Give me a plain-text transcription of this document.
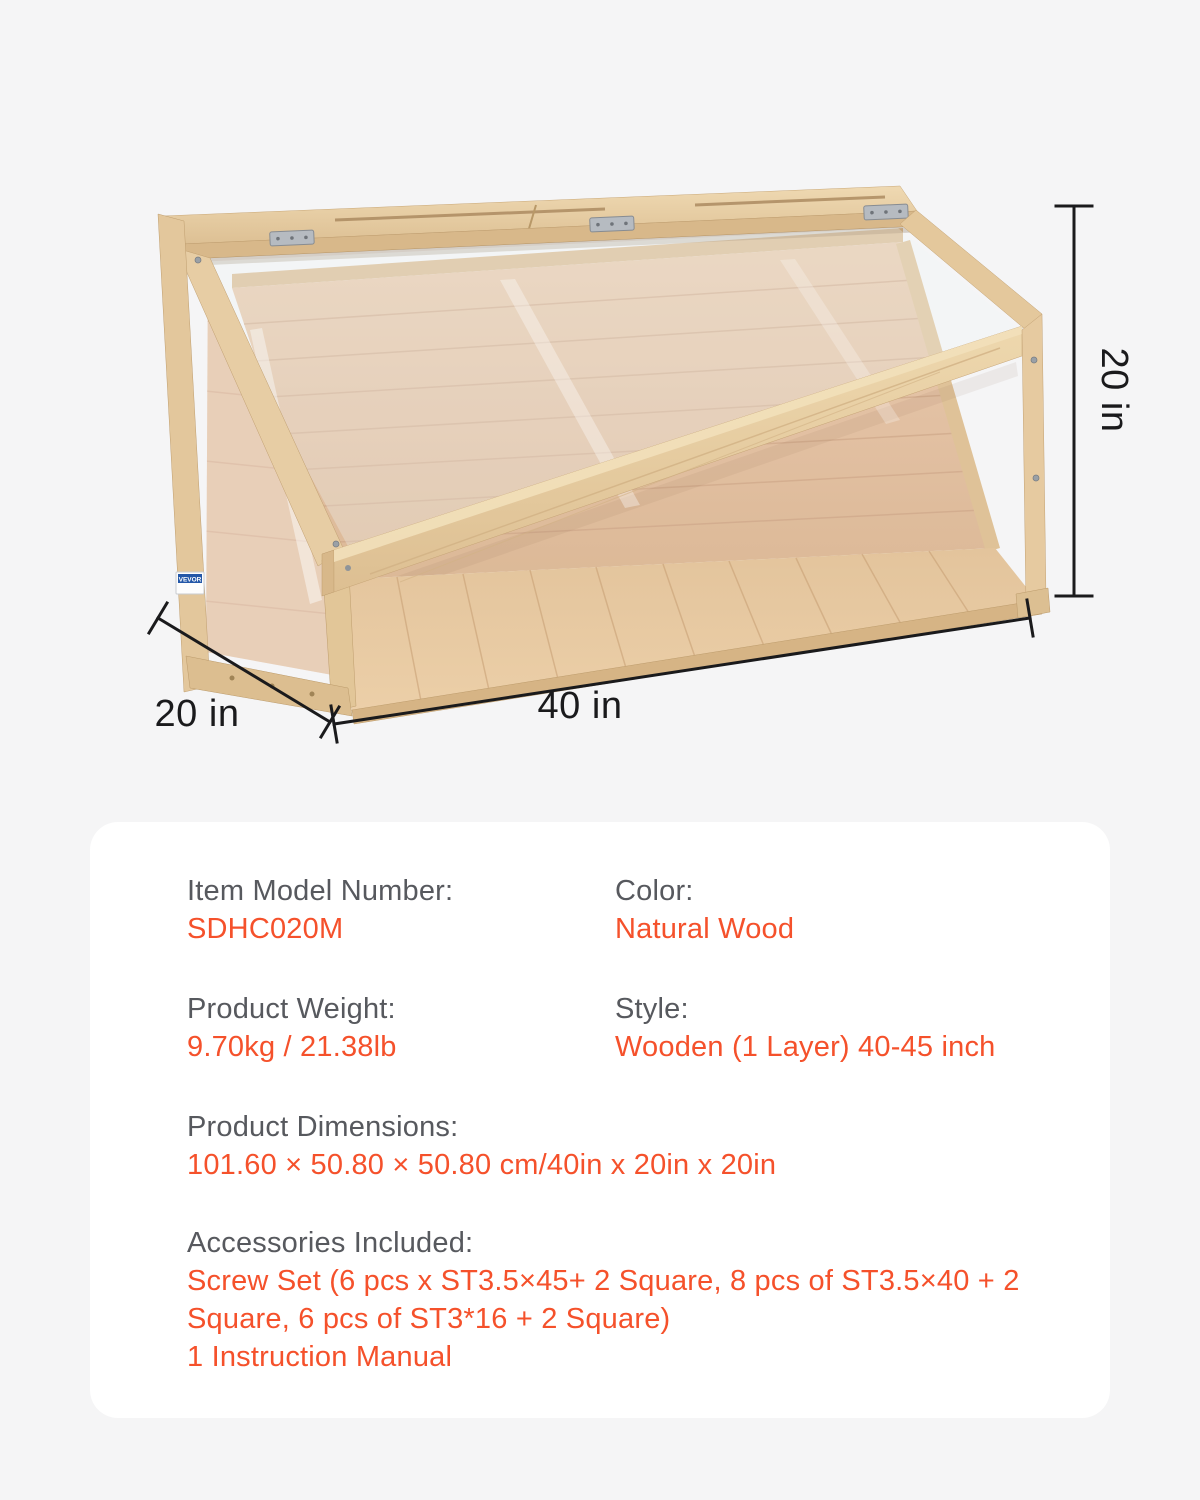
VEVOR
20 in
20 in	40 in
Item Model Number:
SDHC020M
Color:
Natural Wood
Product Weight:
9.70kg / 21.38lb
Style:
Wooden (1 Layer) 40-45 inch
Product Dimensions:
101.60 × 50.80 × 50.80 cm/40in x 20in x 20in
Accessories Included:
Screw Set (6 pcs x ST3.5×45+ 2 Square, 8 pcs of ST3.5×40 + 2 Square, 6 pcs of ST3*16 + 2 Square)
1 Instruction Manual
